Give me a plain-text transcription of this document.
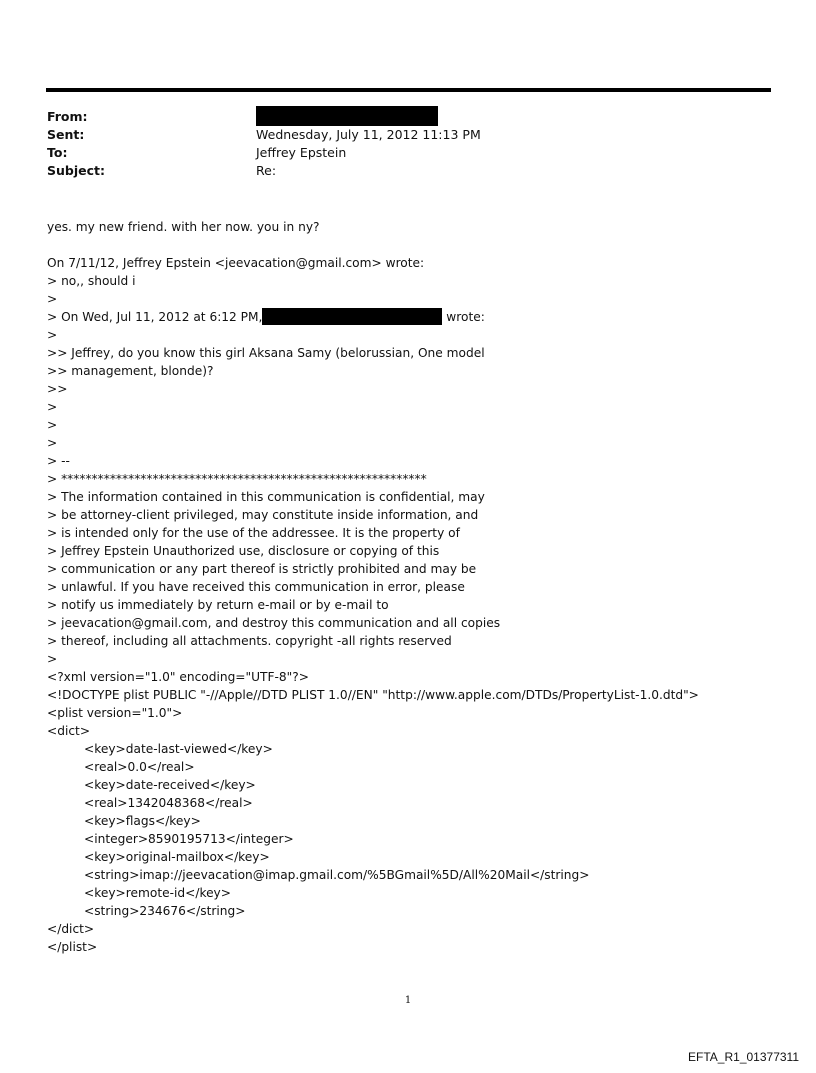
From:
Sent:	Wednesday, July 11, 2012 11:13 PM
To:	Jeffrey Epstein
Subject:	Re:
yes. my new friend. with her now. you in ny?
On 7/11/12, Jeffrey Epstein <jeevacation@gmail.com> wrote:
> no,, should i
>
> On Wed, Jul 11, 2012 at 6:12 PM,	wrote:
>
>> Jeffrey, do you know this girl Aksana Samy (belorussian, One model
>> management, blonde)?
>>
>
>
>
> --
> ************************************************************
> The information contained in this communication is confidential, may
> be attorney-client privileged, may constitute inside information, and
> is intended only for the use of the addressee. It is the property of
> Jeffrey Epstein Unauthorized use, disclosure or copying of this
> communication or any part thereof is strictly prohibited and may be
> unlawful. If you have received this communication in error, please
> notify us immediately by return e-mail or by e-mail to
> jeevacation@gmail.com, and destroy this communication and all copies
> thereof, including all attachments. copyright -all rights reserved
>
<?xml version="1.0" encoding="UTF-8"?>
<!DOCTYPE plist PUBLIC "-//Apple//DTD PLIST 1.0//EN" "http://www.apple.com/DTDs/PropertyList-1.0.dtd">
<plist version="1.0">
<dict>
<key>date-last-viewed</key>
<real>0.0</real>
<key>date-received</key>
<real>1342048368</real>
<key>flags</key>
<integer>8590195713</integer>
<key>original-mailbox</key>
<string>imap://jeevacation@imap.gmail.com/%5BGmail%5D/All%20Mail</string>
<key>remote-id</key>
<string>234676</string>
</dict>
</plist>
1
EFTA_R1_01377311
